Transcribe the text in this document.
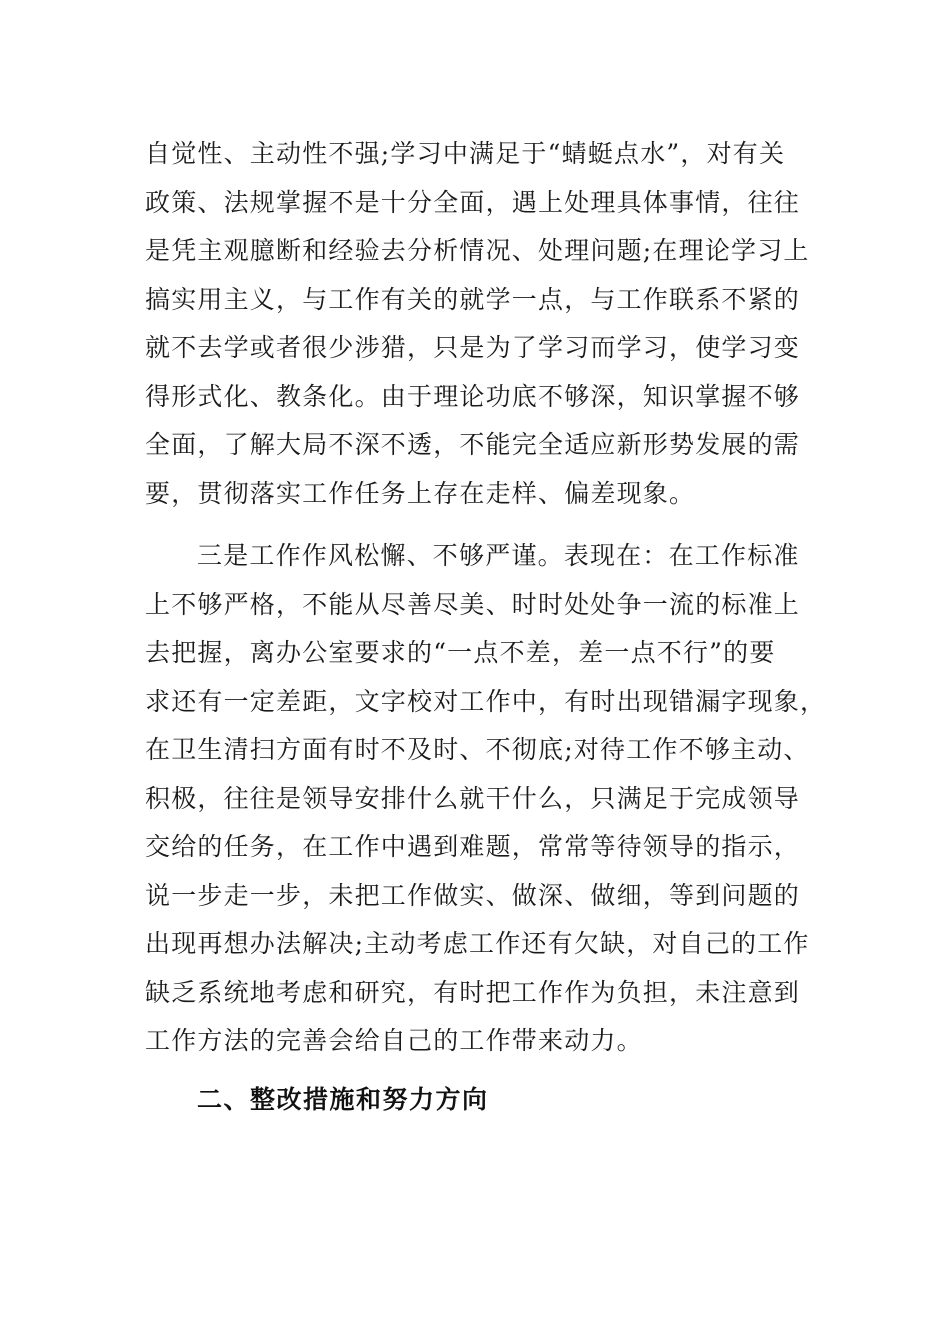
自觉性、主动性不强;学习中满足于“蜻蜓点水”，对有关
政策、法规掌握不是十分全面，遇上处理具体事情，往往
是凭主观臆断和经验去分析情况、处理问题;在理论学习上
搞实用主义，与工作有关的就学一点，与工作联系不紧的
就不去学或者很少涉猎，只是为了学习而学习，使学习变
得形式化、教条化。由于理论功底不够深，知识掌握不够
全面，了解大局不深不透，不能完全适应新形势发展的需
要，贯彻落实工作任务上存在走样、偏差现象。
三是工作作风松懈、不够严谨。表现在：在工作标准
上不够严格，不能从尽善尽美、时时处处争一流的标准上
去把握，离办公室要求的“一点不差，差一点不行”的要
求还有一定差距，文字校对工作中，有时出现错漏字现象，
在卫生清扫方面有时不及时、不彻底;对待工作不够主动、
积极，往往是领导安排什么就干什么，只满足于完成领导
交给的任务，在工作中遇到难题，常常等待领导的指示，
说一步走一步，未把工作做实、做深、做细，等到问题的
出现再想办法解决;主动考虑工作还有欠缺，对自己的工作
缺乏系统地考虑和研究，有时把工作作为负担，未注意到
工作方法的完善会给自己的工作带来动力。
二、整改措施和努力方向
